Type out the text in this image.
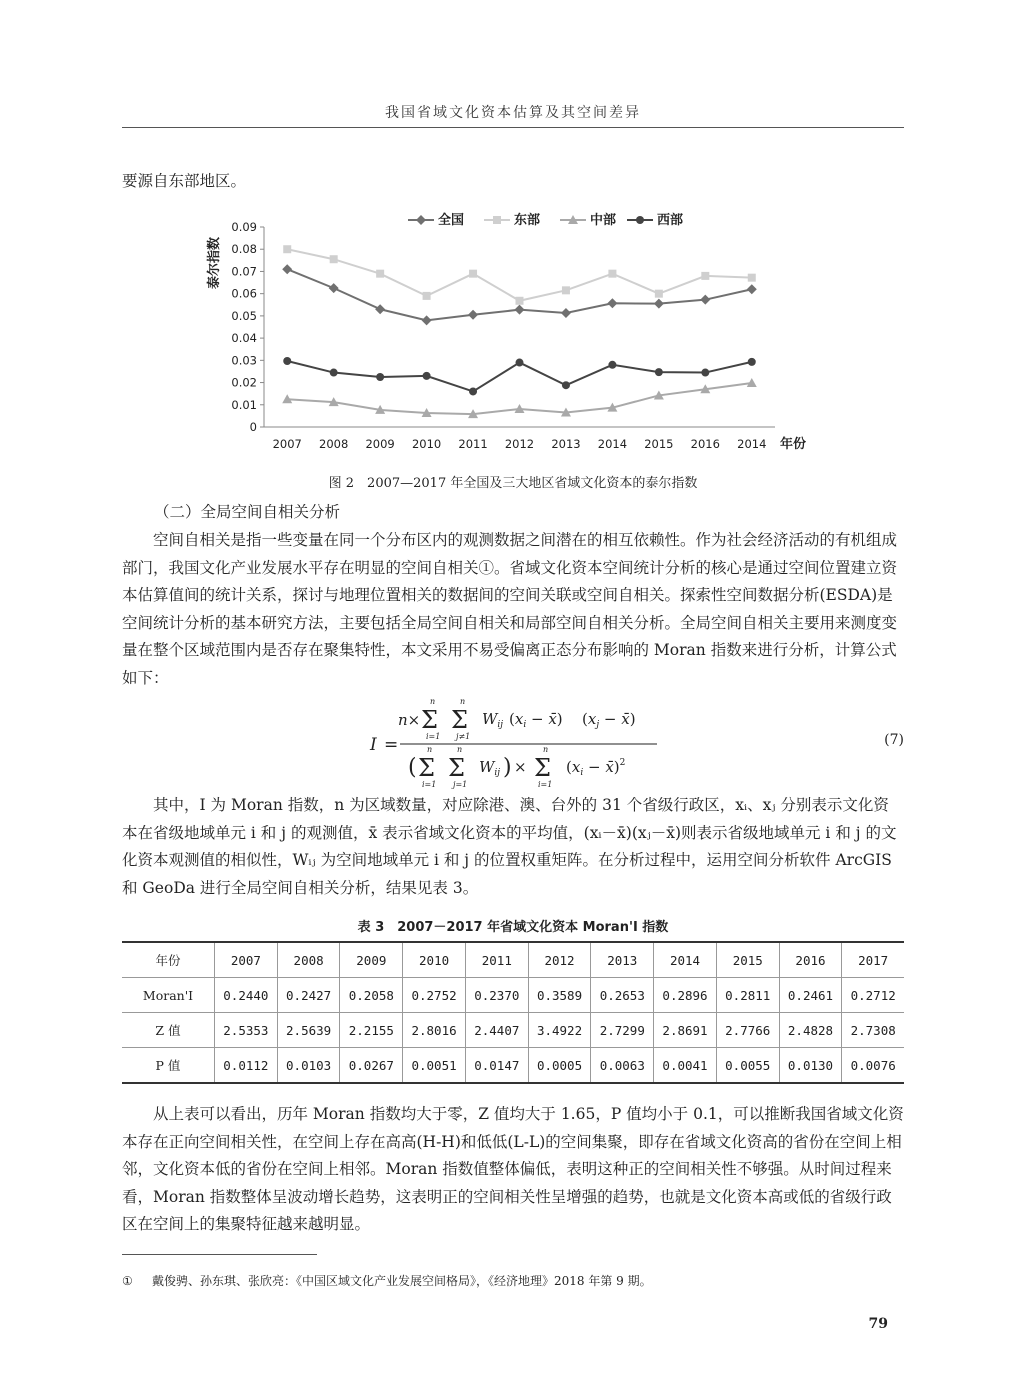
我国省域文化资本估算及其空间差异

要源自东部地区。

全国	东部	中部	西部
泰尔指数
0
0.01
0.02
0.03
0.04
0.05
0.06
0.07
0.08
0.09
2007 2008 2009 2010 2011 2012 2013 2014 2015 2016 2014 年份
图 2　2007—2017 年全国及三大地区省域文化资本的泰尔指数
（二）全局空间自相关分析

空间自相关是指一些变量在同一个分布区内的观测数据之间潜在的相互依赖性。作为社会经济活动的有机组成部门，我国文化产业发展水平存在明显的空间自相关①。省域文化资本空间统计分析的核心是通过空间位置建立资本估算值间的统计关系，探讨与地理位置相关的数据间的空间关联或空间自相关。探索性空间数据分析(ESDA)是空间统计分析的基本研究方法，主要包括全局空间自相关和局部空间自相关分析。全局空间自相关主要用来测度变量在整个区域范围内是否存在聚集特性，本文采用不易受偏离正态分布影响的 Moran 指数来进行分析，计算公式如下：

I =
n×
n
Σ
i=1
n
Σ
j≠1
$W_{ij}$ ($x_i$ − x̄) ($x_j$ − x̄)
(
n
Σ
i=1
n
Σ
j=1
$W_{ij}$ ) ×
n
Σ
i=1
($x_i$ − x̄)$^2$
(7)

其中，I 为 Moran 指数，n 为区域数量，对应除港、澳、台外的 31 个省级行政区，xᵢ、xⱼ 分别表示文化资本在省级地域单元 i 和 j 的观测值，x̄ 表示省域文化资本的平均值，(xᵢ－x̄)(xⱼ－x̄)则表示省级地域单元 i 和 j 的文化资本观测值的相似性，Wᵢⱼ 为空间地域单元 i 和 j 的位置权重矩阵。在分析过程中，运用空间分析软件 ArcGIS 和 GeoDa 进行全局空间自相关分析，结果见表 3。

表 3　2007－2017 年省域文化资本 Moran'I 指数
年份	2007	2008	2009	2010	2011	2012	2013	2014	2015	2016	2017
Moran'I	0.2440	0.2427	0.2058	0.2752	0.2370	0.3589	0.2653	0.2896	0.2811	0.2461	0.2712
Z 值	2.5353	2.5639	2.2155	2.8016	2.4407	3.4922	2.7299	2.8691	2.7766	2.4828	2.7308
P 值	0.0112	0.0103	0.0267	0.0051	0.0147	0.0005	0.0063	0.0041	0.0055	0.0130	0.0076

从上表可以看出，历年 Moran 指数均大于零，Z 值均大于 1.65，P 值均小于 0.1，可以推断我国省域文化资本存在正向空间相关性，在空间上存在高高(H-H)和低低(L-L)的空间集聚，即存在省域文化资高的省份在空间上相邻，文化资本低的省份在空间上相邻。Moran 指数值整体偏低，表明这种正的空间相关性不够强。从时间过程来看，Moran 指数整体呈波动增长趋势，这表明正的空间相关性呈增强的趋势，也就是文化资本高或低的省级行政区在空间上的集聚特征越来越明显。

① 戴俊骋、孙东琪、张欣亮：《中国区域文化产业发展空间格局》，《经济地理》2018 年第 9 期。
79
